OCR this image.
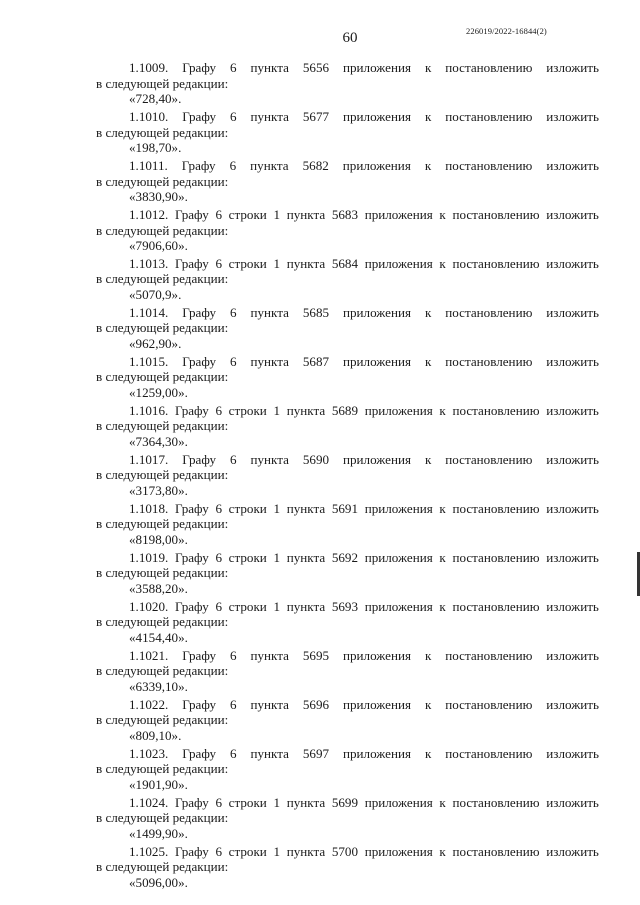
60	226019/2022-16844(2)
1.1009. Графу 6 пункта 5656 приложения к постановлению изложить
в следующей редакции:
«728,40».
1.1010. Графу 6 пункта 5677 приложения к постановлению изложить
в следующей редакции:
«198,70».
1.1011. Графу 6 пункта 5682 приложения к постановлению изложить
в следующей редакции:
«3830,90».
1.1012. Графу 6 строки 1 пункта 5683 приложения к постановлению изложить
в следующей редакции:
«7906,60».
1.1013. Графу 6 строки 1 пункта 5684 приложения к постановлению изложить
в следующей редакции:
«5070,9».
1.1014. Графу 6 пункта 5685 приложения к постановлению изложить
в следующей редакции:
«962,90».
1.1015. Графу 6 пункта 5687 приложения к постановлению изложить
в следующей редакции:
«1259,00».
1.1016. Графу 6 строки 1 пункта 5689 приложения к постановлению изложить
в следующей редакции:
«7364,30».
1.1017. Графу 6 пункта 5690 приложения к постановлению изложить
в следующей редакции:
«3173,80».
1.1018. Графу 6 строки 1 пункта 5691 приложения к постановлению изложить
в следующей редакции:
«8198,00».
1.1019. Графу 6 строки 1 пункта 5692 приложения к постановлению изложить
в следующей редакции:
«3588,20».
1.1020. Графу 6 строки 1 пункта 5693 приложения к постановлению изложить
в следующей редакции:
«4154,40».
1.1021. Графу 6 пункта 5695 приложения к постановлению изложить
в следующей редакции:
«6339,10».
1.1022. Графу 6 пункта 5696 приложения к постановлению изложить
в следующей редакции:
«809,10».
1.1023. Графу 6 пункта 5697 приложения к постановлению изложить
в следующей редакции:
«1901,90».
1.1024. Графу 6 строки 1 пункта 5699 приложения к постановлению изложить
в следующей редакции:
«1499,90».
1.1025. Графу 6 строки 1 пункта 5700 приложения к постановлению изложить
в следующей редакции:
«5096,00».
